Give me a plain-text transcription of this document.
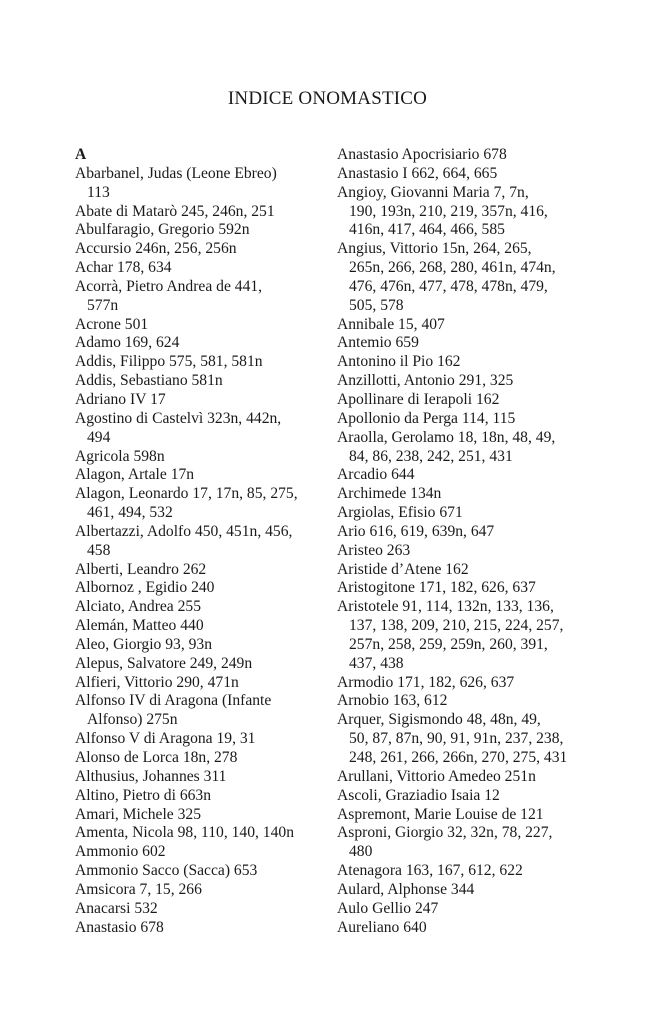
INDICE ONOMASTICO

A

Abarbanel, Judas (Leone Ebreo)

113

Abate di Matarò 245, 246n, 251

Abulfaragio, Gregorio 592n

Accursio 246n, 256, 256n

Achar 178, 634

Acorrà, Pietro Andrea de 441,

577n

Acrone 501

Adamo 169, 624

Addis, Filippo 575, 581, 581n

Addis, Sebastiano 581n

Adriano IV 17

Agostino di Castelvì 323n, 442n,

494

Agricola 598n

Alagon, Artale 17n

Alagon, Leonardo 17, 17n, 85, 275,

461, 494, 532

Albertazzi, Adolfo 450, 451n, 456,

458

Alberti, Leandro 262

Albornoz , Egidio 240

Alciato, Andrea 255

Alemán, Matteo 440

Aleo, Giorgio 93, 93n

Alepus, Salvatore 249, 249n

Alfieri, Vittorio 290, 471n

Alfonso IV di Aragona (Infante

Alfonso) 275n

Alfonso V di Aragona 19, 31

Alonso de Lorca 18n, 278

Althusius, Johannes 311

Altino, Pietro di 663n

Amari, Michele 325

Amenta, Nicola 98, 110, 140, 140n

Ammonio 602

Ammonio Sacco (Sacca) 653

Amsicora 7, 15, 266

Anacarsi 532

Anastasio 678

Anastasio Apocrisiario 678

Anastasio I 662, 664, 665

Angioy, Giovanni Maria 7, 7n,

190, 193n, 210, 219, 357n, 416,

416n, 417, 464, 466, 585

Angius, Vittorio 15n, 264, 265,

265n, 266, 268, 280, 461n, 474n,

476, 476n, 477, 478, 478n, 479,

505, 578

Annibale 15, 407

Antemio 659

Antonino il Pio 162

Anzillotti, Antonio 291, 325

Apollinare di Ierapoli 162

Apollonio da Perga 114, 115

Araolla, Gerolamo 18, 18n, 48, 49,

84, 86, 238, 242, 251, 431

Arcadio 644

Archimede 134n

Argiolas, Efisio 671

Ario 616, 619, 639n, 647

Aristeo 263

Aristide d’Atene 162

Aristogitone 171, 182, 626, 637

Aristotele 91, 114, 132n, 133, 136,

137, 138, 209, 210, 215, 224, 257,

257n, 258, 259, 259n, 260, 391,

437, 438

Armodio 171, 182, 626, 637

Arnobio 163, 612

Arquer, Sigismondo 48, 48n, 49,

50, 87, 87n, 90, 91, 91n, 237, 238,

248, 261, 266, 266n, 270, 275, 431

Arullani, Vittorio Amedeo 251n

Ascoli, Graziadio Isaia 12

Aspremont, Marie Louise de 121

Asproni, Giorgio 32, 32n, 78, 227,

480

Atenagora 163, 167, 612, 622

Aulard, Alphonse 344

Aulo Gellio 247

Aureliano 640
